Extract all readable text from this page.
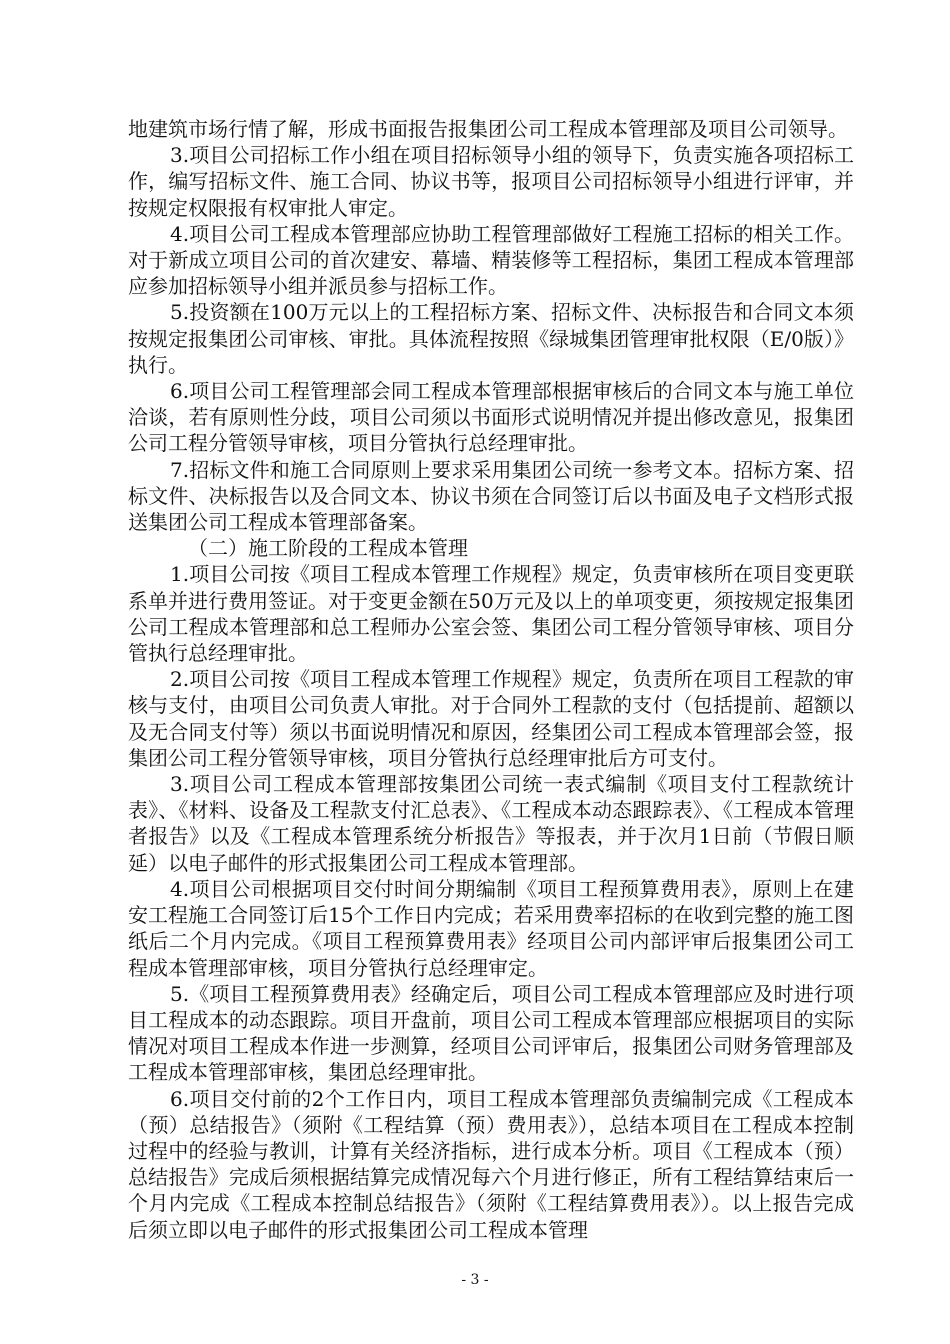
地建筑市场行情了解，形成书面报告报集团公司工程成本管理部及项目公司领导。

3.项目公司招标工作小组在项目招标领导小组的领导下，负责实施各项招标工作，编写招标文件、施工合同、协议书等，报项目公司招标领导小组进行评审，并按规定权限报有权审批人审定。

4.项目公司工程成本管理部应协助工程管理部做好工程施工招标的相关工作。对于新成立项目公司的首次建安、幕墙、精装修等工程招标，集团工程成本管理部应参加招标领导小组并派员参与招标工作。

5.投资额在100万元以上的工程招标方案、招标文件、决标报告和合同文本须按规定报集团公司审核、审批。具体流程按照《绿城集团管理审批权限（E/0版）》执行。

6.项目公司工程管理部会同工程成本管理部根据审核后的合同文本与施工单位洽谈，若有原则性分歧，项目公司须以书面形式说明情况并提出修改意见，报集团公司工程分管领导审核，项目分管执行总经理审批。

7.招标文件和施工合同原则上要求采用集团公司统一参考文本。招标方案、招标文件、决标报告以及合同文本、协议书须在合同签订后以书面及电子文档形式报送集团公司工程成本管理部备案。

（二）施工阶段的工程成本管理

1.项目公司按《项目工程成本管理工作规程》规定，负责审核所在项目变更联系单并进行费用签证。对于变更金额在50万元及以上的单项变更，须按规定报集团公司工程成本管理部和总工程师办公室会签、集团公司工程分管领导审核、项目分管执行总经理审批。

2.项目公司按《项目工程成本管理工作规程》规定，负责所在项目工程款的审核与支付，由项目公司负责人审批。对于合同外工程款的支付（包括提前、超额以及无合同支付等）须以书面说明情况和原因，经集团公司工程成本管理部会签，报集团公司工程分管领导审核，项目分管执行总经理审批后方可支付。

3.项目公司工程成本管理部按集团公司统一表式编制《项目支付工程款统计表》、《材料、设备及工程款支付汇总表》、《工程成本动态跟踪表》、《工程成本管理者报告》以及《工程成本管理系统分析报告》等报表，并于次月1日前（节假日顺延）以电子邮件的形式报集团公司工程成本管理部。

4.项目公司根据项目交付时间分期编制《项目工程预算费用表》，原则上在建安工程施工合同签订后15个工作日内完成；若采用费率招标的在收到完整的施工图纸后二个月内完成。《项目工程预算费用表》经项目公司内部评审后报集团公司工程成本管理部审核，项目分管执行总经理审定。

5.《项目工程预算费用表》经确定后，项目公司工程成本管理部应及时进行项目工程成本的动态跟踪。项目开盘前，项目公司工程成本管理部应根据项目的实际情况对项目工程成本作进一步测算，经项目公司评审后，报集团公司财务管理部及工程成本管理部审核，集团总经理审批。

6.项目交付前的2个工作日内，项目工程成本管理部负责编制完成《工程成本（预）总结报告》（须附《工程结算（预）费用表》），总结本项目在工程成本控制过程中的经验与教训，计算有关经济指标，进行成本分析。项目《工程成本（预）总结报告》完成后须根据结算完成情况每六个月进行修正，所有工程结算结束后一个月内完成《工程成本控制总结报告》（须附《工程结算费用表》）。以上报告完成后须立即以电子邮件的形式报集团公司工程成本管理

- 3 -
